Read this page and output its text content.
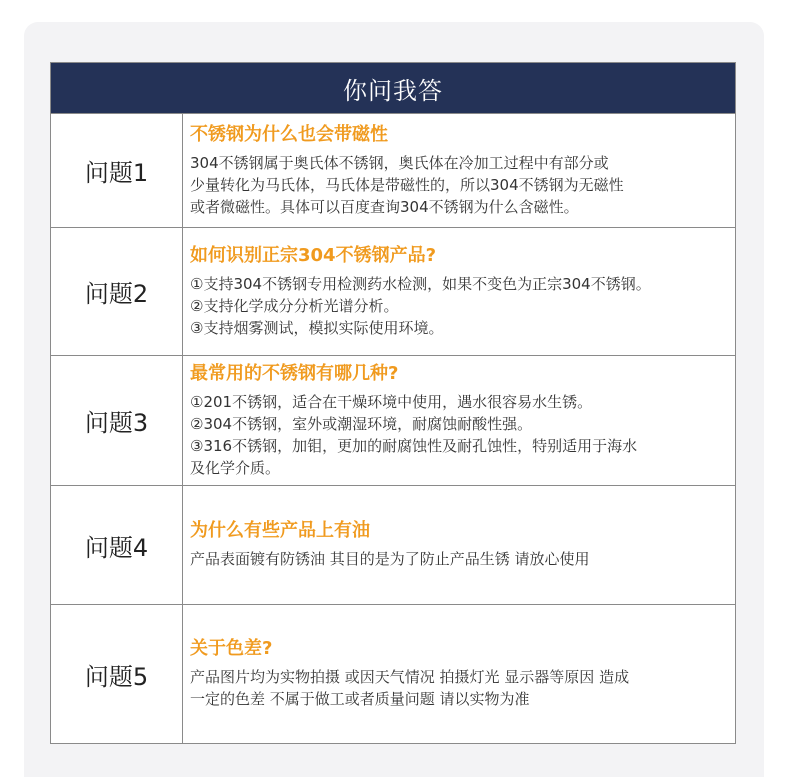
你问我答
问题1
不锈钢为什么也会带磁性
304不锈钢属于奥氏体不锈钢，奥氏体在冷加工过程中有部分或
少量转化为马氏体，马氏体是带磁性的，所以304不锈钢为无磁性
或者微磁性。具体可以百度查询304不锈钢为什么含磁性。
问题2
如何识别正宗304不锈钢产品?
①支持304不锈钢专用检测药水检测，如果不变色为正宗304不锈钢。
②支持化学成分分析光谱分析。
③支持烟雾测试，模拟实际使用环境。
问题3
最常用的不锈钢有哪几种?
①201不锈钢，适合在干燥环境中使用，遇水很容易水生锈。
②304不锈钢，室外或潮湿环境，耐腐蚀耐酸性强。
③316不锈钢，加钼，更加的耐腐蚀性及耐孔蚀性，特别适用于海水
及化学介质。
问题4
为什么有些产品上有油
产品表面镀有防锈油 其目的是为了防止产品生锈 请放心使用
问题5
关于色差?
产品图片均为实物拍摄 或因天气情况 拍摄灯光 显示器等原因 造成
一定的色差 不属于做工或者质量问题 请以实物为准
